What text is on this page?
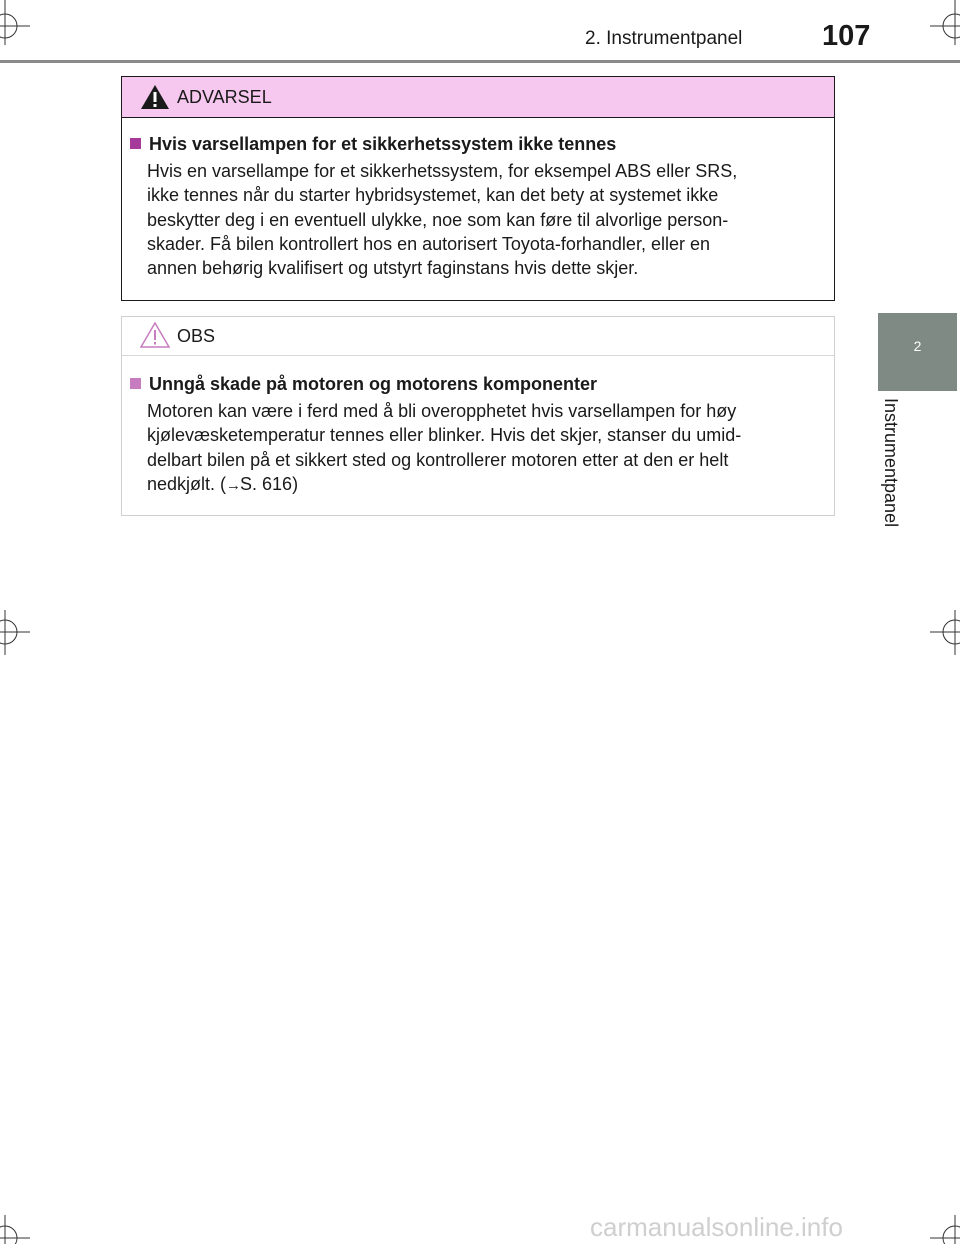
2. Instrumentpanel	107
2
Instrumentpanel
ADVARSEL
Hvis varsellampen for et sikkerhetssystem ikke tennes
Hvis en varsellampe for et sikkerhetssystem, for eksempel ABS eller SRS,
ikke tennes når du starter hybridsystemet, kan det bety at systemet ikke
beskytter deg i en eventuell ulykke, noe som kan føre til alvorlige person-
skader. Få bilen kontrollert hos en autorisert Toyota-forhandler, eller en
annen behørig kvalifisert og utstyrt faginstans hvis dette skjer.
OBS
Unngå skade på motoren og motorens komponenter
Motoren kan være i ferd med å bli overopphetet hvis varsellampen for høy
kjølevæsketemperatur tennes eller blinker. Hvis det skjer, stanser du umid-
delbart bilen på et sikkert sted og kontrollerer motoren etter at den er helt
nedkjølt. (→S. 616)
carmanualsonline.info
